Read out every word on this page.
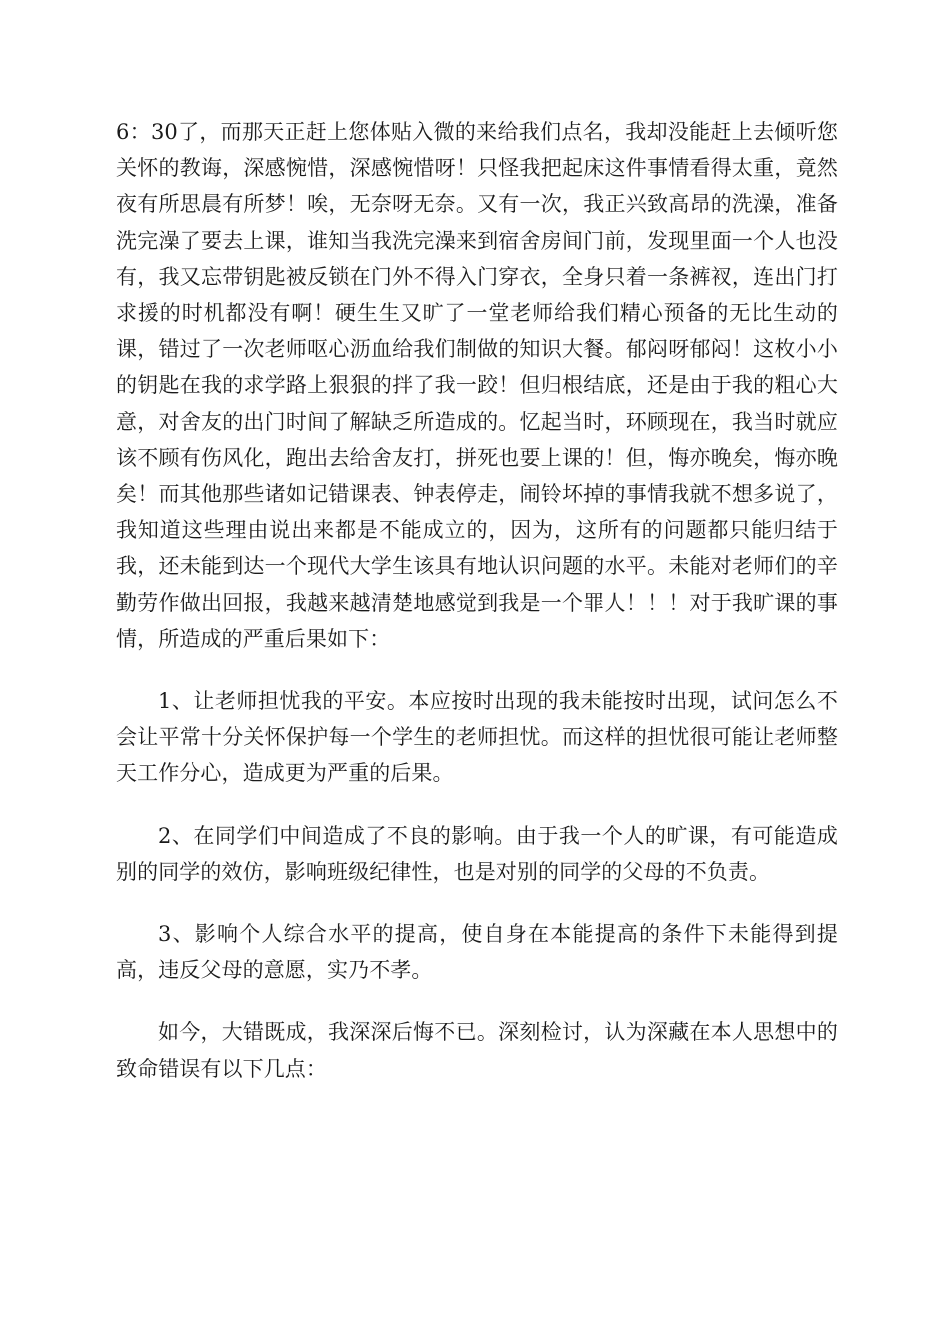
6：30了，而那天正赶上您体贴入微的来给我们点名，我却没能赶上去倾听您关怀的教诲，深感惋惜，深感惋惜呀！只怪我把起床这件事情看得太重，竟然夜有所思晨有所梦！唉，无奈呀无奈。又有一次，我正兴致高昂的洗澡，准备洗完澡了要去上课，谁知当我洗完澡来到宿舍房间门前，发现里面一个人也没有，我又忘带钥匙被反锁在门外不得入门穿衣，全身只着一条裤衩，连出门打求援的时机都没有啊！硬生生又旷了一堂老师给我们精心预备的无比生动的课，错过了一次老师呕心沥血给我们制做的知识大餐。郁闷呀郁闷！这枚小小的钥匙在我的求学路上狠狠的拌了我一跤！但归根结底，还是由于我的粗心大意，对舍友的出门时间了解缺乏所造成的。忆起当时，环顾现在，我当时就应该不顾有伤风化，跑出去给舍友打，拼死也要上课的！但，悔亦晚矣，悔亦晚矣！而其他那些诸如记错课表、钟表停走，闹铃坏掉的事情我就不想多说了，我知道这些理由说出来都是不能成立的，因为，这所有的问题都只能归结于我，还未能到达一个现代大学生该具有地认识问题的水平。未能对老师们的辛勤劳作做出回报，我越来越清楚地感觉到我是一个罪人！！！对于我旷课的事情，所造成的严重后果如下：

1、让老师担忧我的平安。本应按时出现的我未能按时出现，试问怎么不会让平常十分关怀保护每一个学生的老师担忧。而这样的担忧很可能让老师整天工作分心，造成更为严重的后果。

2、在同学们中间造成了不良的影响。由于我一个人的旷课，有可能造成别的同学的效仿，影响班级纪律性，也是对别的同学的父母的不负责。

3、影响个人综合水平的提高，使自身在本能提高的条件下未能得到提高，违反父母的意愿，实乃不孝。

如今，大错既成，我深深后悔不已。深刻检讨，认为深藏在本人思想中的致命错误有以下几点：
